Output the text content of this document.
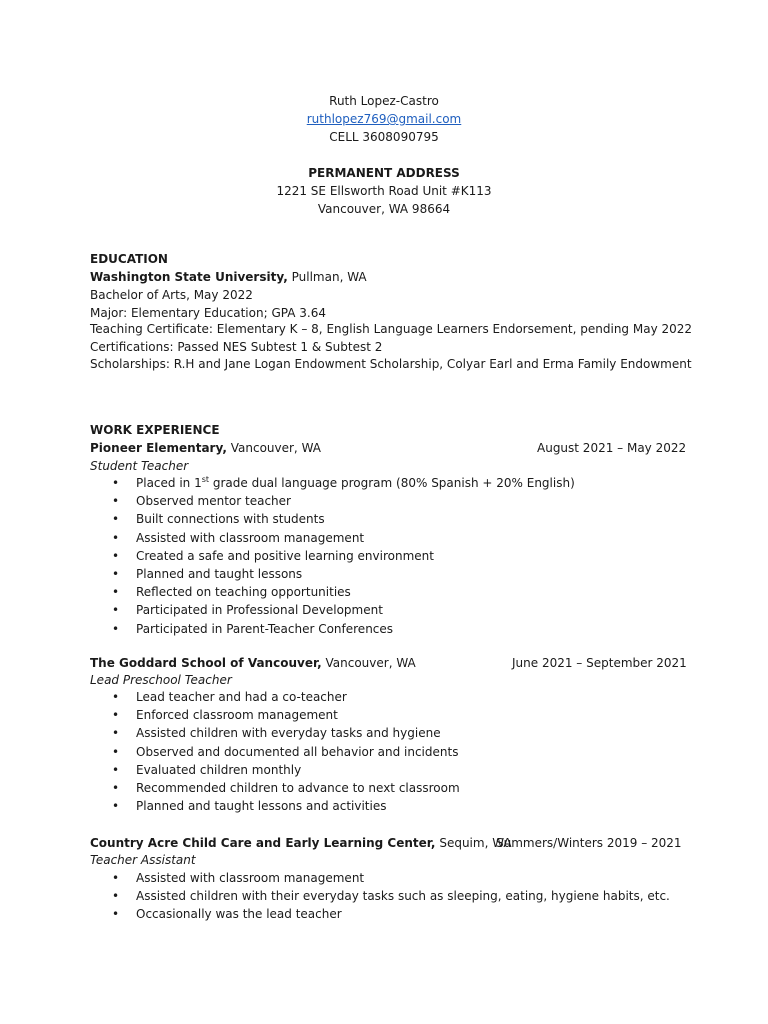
Ruth Lopez-Castro
ruthlopez769@gmail.com
CELL 3608090795
PERMANENT ADDRESS
1221 SE Ellsworth Road Unit #K113
Vancouver, WA 98664
EDUCATION
Washington State University, Pullman, WA
Bachelor of Arts, May 2022
Major: Elementary Education; GPA 3.64
Teaching Certificate: Elementary K – 8, English Language Learners Endorsement, pending May 2022
Certifications: Passed NES Subtest 1 & Subtest 2
Scholarships: R.H and Jane Logan Endowment Scholarship, Colyar Earl and Erma Family Endowment
WORK EXPERIENCE
Pioneer Elementary, Vancouver, WA	August 2021 – May 2022
Student Teacher
• Placed in 1st grade dual language program (80% Spanish + 20% English)
• Observed mentor teacher
• Built connections with students
• Assisted with classroom management
• Created a safe and positive learning environment
• Planned and taught lessons
• Reflected on teaching opportunities
• Participated in Professional Development
• Participated in Parent-Teacher Conferences
The Goddard School of Vancouver, Vancouver, WA	June 2021 – September 2021
Lead Preschool Teacher
• Lead teacher and had a co-teacher
• Enforced classroom management
• Assisted children with everyday tasks and hygiene
• Observed and documented all behavior and incidents
• Evaluated children monthly
• Recommended children to advance to next classroom
• Planned and taught lessons and activities
Country Acre Child Care and Early Learning Center, Sequim, WA
Summers/Winters 2019 – 2021
Teacher Assistant
• Assisted with classroom management
• Assisted children with their everyday tasks such as sleeping, eating, hygiene habits, etc.
• Occasionally was the lead teacher
